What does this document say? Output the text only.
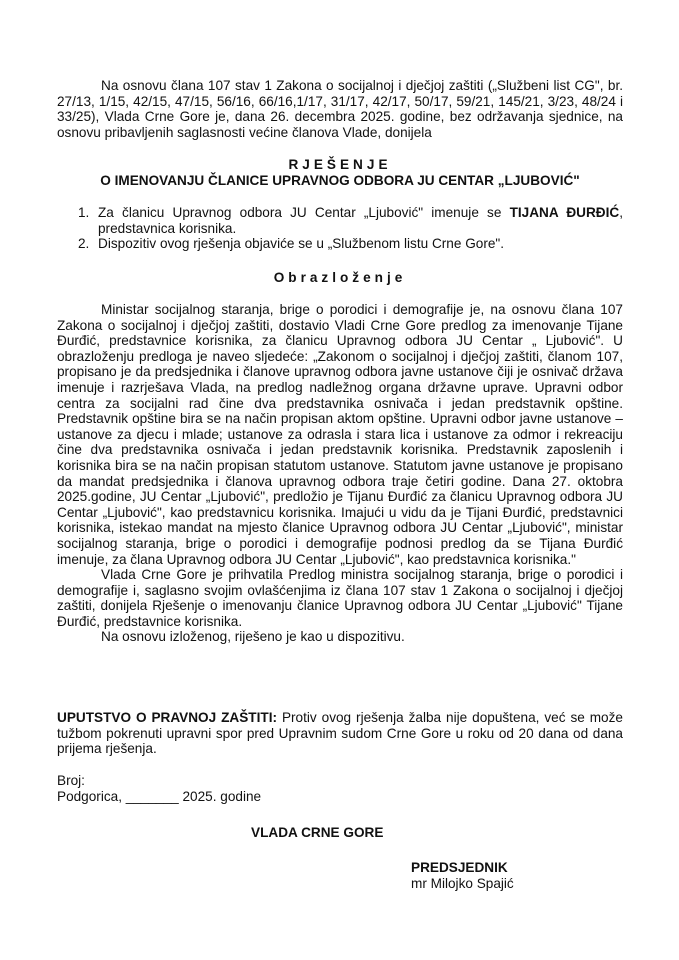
Na osnovu člana 107 stav 1 Zakona o socijalnoj i dječjoj zaštiti („Službeni list CG", br. 27/13, 1/15, 42/15, 47/15, 56/16, 66/16,1/17, 31/17, 42/17, 50/17, 59/21, 145/21, 3/23, 48/24 i 33/25), Vlada Crne Gore je, dana 26. decembra 2025. godine, bez održavanja sjednice, na osnovu pribavljenih saglasnosti većine članova Vlade, donijela

RJEŠENJE
O IMENOVANJU ČLANICE UPRAVNOG ODBORA JU CENTAR „LJUBOVIĆ"
1. Za članicu Upravnog odbora JU Centar „Ljubović" imenuje se TIJANA ĐURĐIĆ, predstavnica korisnika.
2. Dispozitiv ovog rješenja objaviće se u „Službenom listu Crne Gore".
Obrazloženje

Ministar socijalnog staranja, brige o porodici i demografije je, na osnovu člana 107 Zakona o socijalnoj i dječjoj zaštiti, dostavio Vladi Crne Gore predlog za imenovanje Tijane Đurđić, predstavnice korisnika, za članicu Upravnog odbora JU Centar „ Ljubović". U obrazloženju predloga je naveo sljedeće: „Zakonom o socijalnoj i dječjoj zaštiti, članom 107, propisano je da predsjednika i članove upravnog odbora javne ustanove čiji je osnivač država imenuje i razrješava Vlada, na predlog nadležnog organa državne uprave. Upravni odbor centra za socijalni rad čine dva predstavnika osnivača i jedan predstavnik opštine. Predstavnik opštine bira se na način propisan aktom opštine. Upravni odbor javne ustanove – ustanove za djecu i mlade; ustanove za odrasla i stara lica i ustanove za odmor i rekreaciju čine dva predstavnika osnivača i jedan predstavnik korisnika. Predstavnik zaposlenih i korisnika bira se na način propisan statutom ustanove. Statutom javne ustanove je propisano da mandat predsjednika i članova upravnog odbora traje četiri godine. Dana 27. oktobra 2025.godine, JU Centar „Ljubović", predložio je Tijanu Đurđić za članicu Upravnog odbora JU Centar „Ljubović", kao predstavnicu korisnika. Imajući u vidu da je Tijani Đurđić, predstavnici korisnika, istekao mandat na mjesto članice Upravnog odbora JU Centar „Ljubović", ministar socijalnog staranja, brige o porodici i demografije podnosi predlog da se Tijana Đurđić imenuje, za člana Upravnog odbora JU Centar „Ljubović", kao predstavnica korisnika."

Vlada Crne Gore je prihvatila Predlog ministra socijalnog staranja, brige o porodici i demografije i, saglasno svojim ovlašćenjima iz člana 107 stav 1 Zakona o socijalnoj i dječjoj zaštiti, donijela Rješenje o imenovanju članice Upravnog odbora JU Centar „Ljubović" Tijane Đurđić, predstavnice korisnika.

Na osnovu izloženog, riješeno je kao u dispozitivu.

UPUTSTVO O PRAVNOJ ZAŠTITI: Protiv ovog rješenja žalba nije dopuštena, već se može tužbom pokrenuti upravni spor pred Upravnim sudom Crne Gore u roku od 20 dana od dana prijema rješenja.

Broj:
Podgorica, _______ 2025. godine
VLADA CRNE GORE
PREDSJEDNIK
mr Milojko Spajić
